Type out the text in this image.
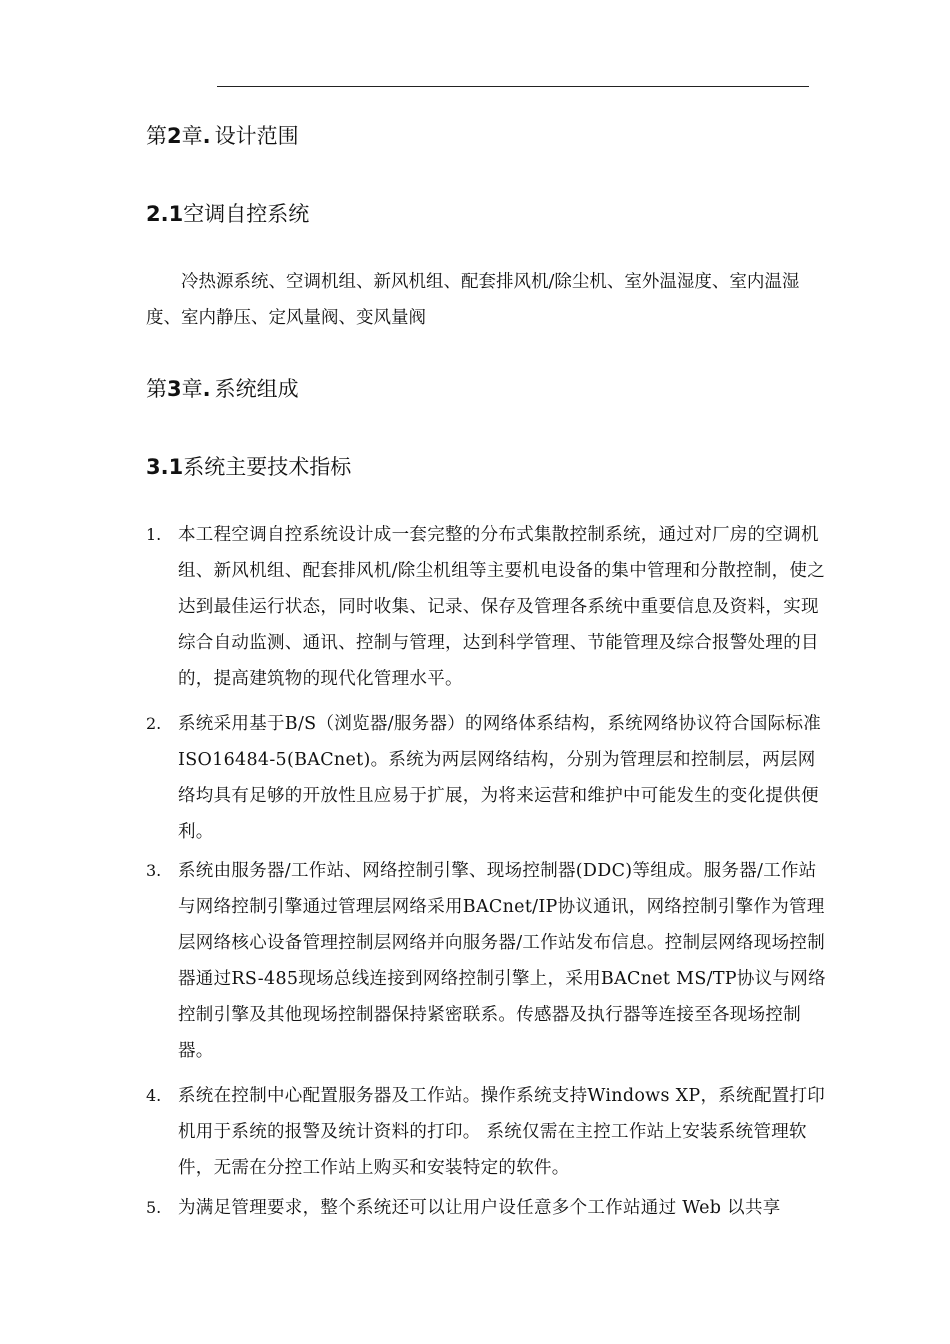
第2章. 设计范围
2.1空调自控系统

冷热源系统、空调机组、新风机组、配套排风机/除尘机、室外温湿度、室内温湿度、室内静压、定风量阀、变风量阀

第3章. 系统组成
3.1系统主要技术指标
1. 本工程空调自控系统设计成一套完整的分布式集散控制系统，通过对厂房的空调机组、新风机组、配套排风机/除尘机组等主要机电设备的集中管理和分散控制，使之达到最佳运行状态，同时收集、记录、保存及管理各系统中重要信息及资料，实现综合自动监测、通讯、控制与管理，达到科学管理、节能管理及综合报警处理的目的，提高建筑物的现代化管理水平。
2. 系统采用基于B/S（浏览器/服务器）的网络体系结构，系统网络协议符合国际标准ISO16484-5(BACnet)。系统为两层网络结构，分别为管理层和控制层，两层网络均具有足够的开放性且应易于扩展，为将来运营和维护中可能发生的变化提供便利。
3. 系统由服务器/工作站、网络控制引擎、现场控制器(DDC)等组成。服务器/工作站与网络控制引擎通过管理层网络采用BACnet/IP协议通讯，网络控制引擎作为管理层网络核心设备管理控制层网络并向服务器/工作站发布信息。控制层网络现场控制器通过RS-485现场总线连接到网络控制引擎上，采用BACnet MS/TP协议与网络控制引擎及其他现场控制器保持紧密联系。传感器及执行器等连接至各现场控制器。
4. 系统在控制中心配置服务器及工作站。操作系统支持Windows XP，系统配置打印机用于系统的报警及统计资料的打印。 系统仅需在主控工作站上安装系统管理软件，无需在分控工作站上购买和安装特定的软件。
5. 为满足管理要求，整个系统还可以让用户设任意多个工作站通过 Web 以共享
